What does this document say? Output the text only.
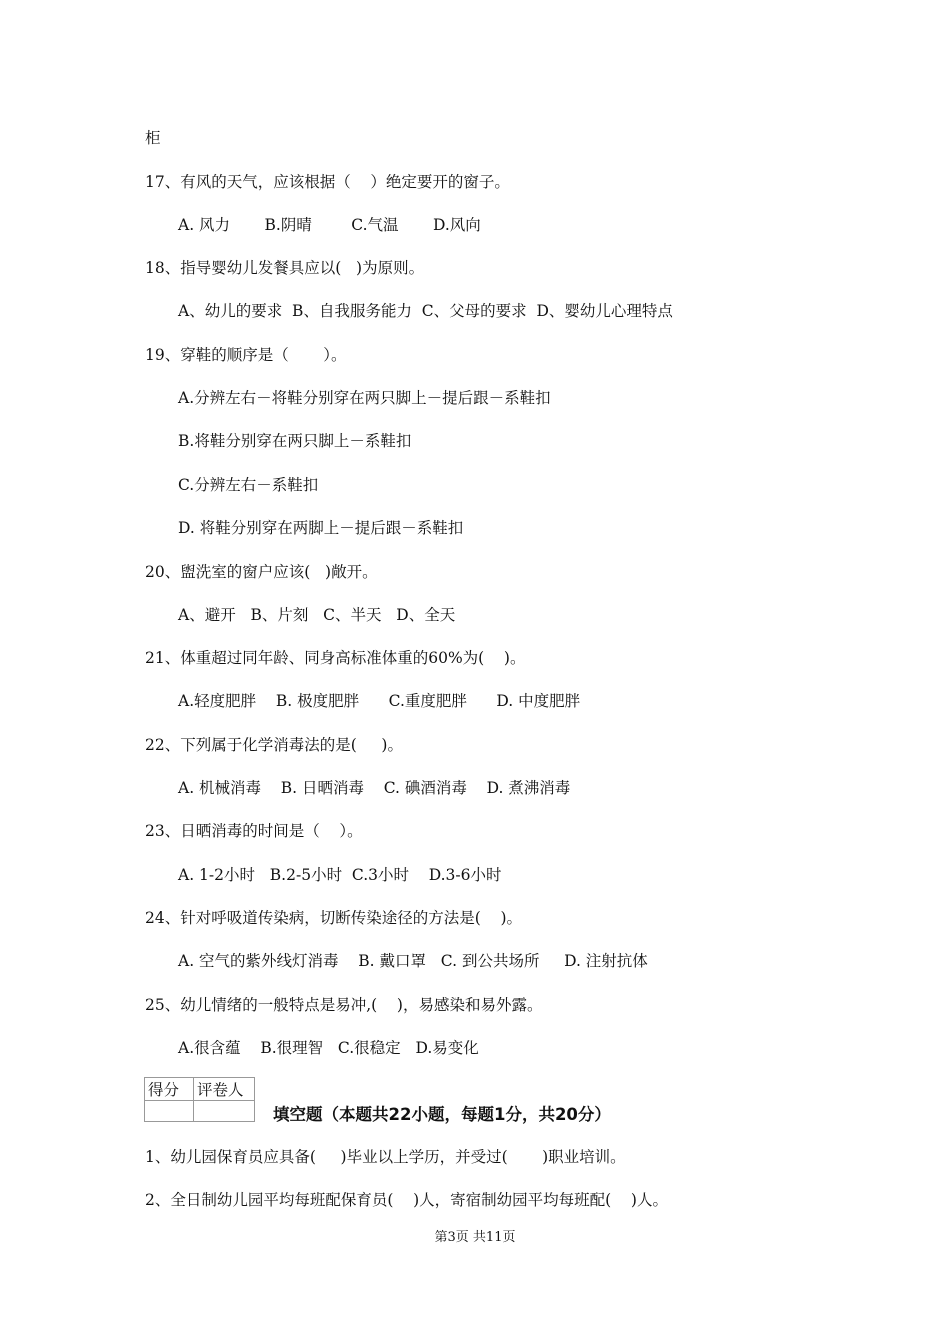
柜
17、有风的天气，应该根据（    ）绝定要开的窗子。
A. 风力       B.阴晴        C.气温       D.风向
18、指导婴幼儿发餐具应以(   )为原则。
A、幼儿的要求  B、自我服务能力  C、父母的要求  D、婴幼儿心理特点
19、穿鞋的顺序是（       ）。
A.分辨左右－将鞋分别穿在两只脚上－提后跟－系鞋扣
B.将鞋分别穿在两只脚上－系鞋扣
C.分辨左右－系鞋扣
D. 将鞋分别穿在两脚上－提后跟－系鞋扣
20、盥洗室的窗户应该(   )敞开。
A、避开   B、片刻   C、半天   D、全天
21、体重超过同年龄、同身高标准体重的60%为(    )。
A.轻度肥胖    B. 极度肥胖      C.重度肥胖      D. 中度肥胖
22、下列属于化学消毒法的是(     )。
A. 机械消毒    B. 日晒消毒    C. 碘酒消毒    D. 煮沸消毒
23、日晒消毒的时间是（    ）。
A. 1-2小时   B.2-5小时  C.3小时    D.3-6小时
24、针对呼吸道传染病，切断传染途径的方法是(    )。
A. 空气的紫外线灯消毒    B. 戴口罩   C. 到公共场所     D. 注射抗体
25、幼儿情绪的一般特点是易冲,(    )，易感染和易外露。
A.很含蕴    B.很理智   C.很稳定   D.易变化
得分	评卷人

填空题（本题共22小题，每题1分，共20分）
1、幼儿园保育员应具备(     )毕业以上学历，并受过(       )职业培训。
2、全日制幼儿园平均每班配保育员(    )人，寄宿制幼园平均每班配(    )人。
第3页 共11页
